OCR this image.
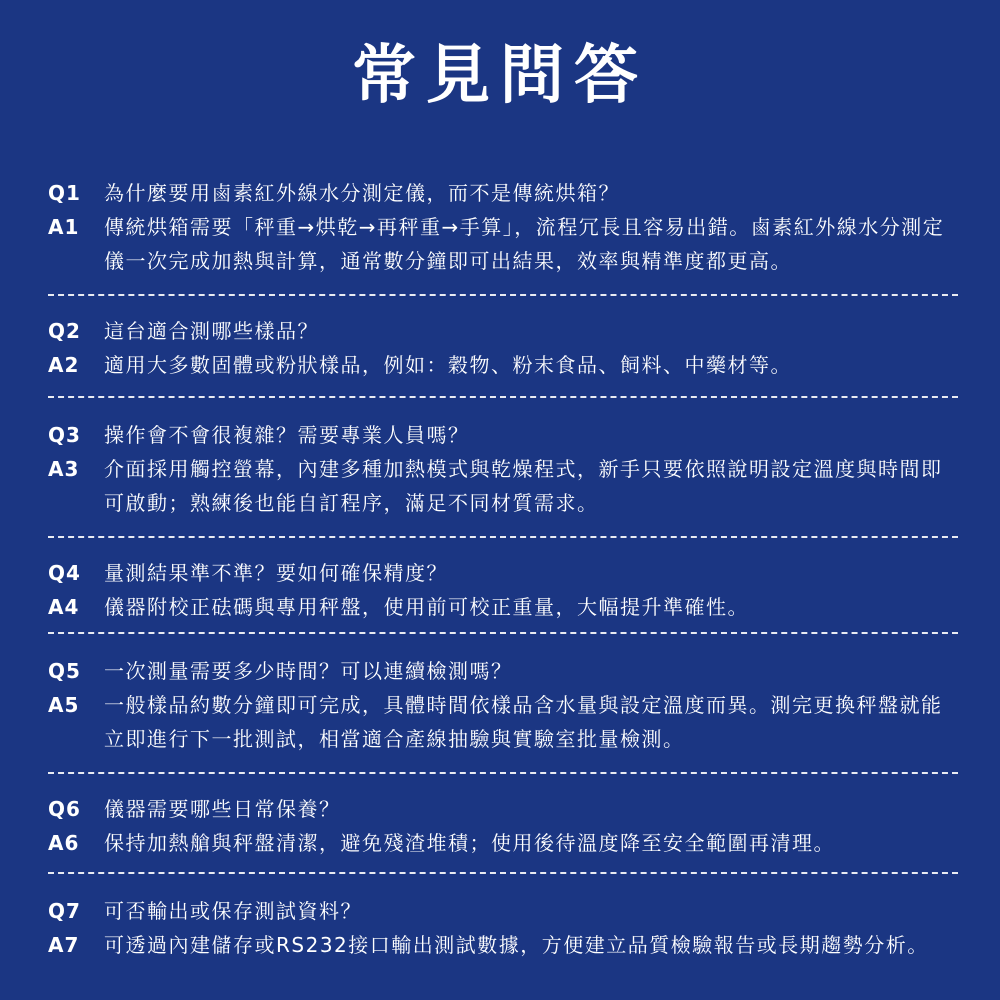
常見問答
Q1	為什麼要用鹵素紅外線水分測定儀，而不是傳統烘箱？
A1	傳統烘箱需要「秤重→烘乾→再秤重→手算」，流程冗長且容易出錯。鹵素紅外線水分測定儀一次完成加熱與計算，通常數分鐘即可出結果，效率與精準度都更高。
Q2	這台適合測哪些樣品？
A2	適用大多數固體或粉狀樣品，例如：穀物、粉末食品、飼料、中藥材等。
Q3	操作會不會很複雜？需要專業人員嗎？
A3	介面採用觸控螢幕，內建多種加熱模式與乾燥程式，新手只要依照說明設定溫度與時間即可啟動；熟練後也能自訂程序，滿足不同材質需求。
Q4	量測結果準不準？要如何確保精度？
A4	儀器附校正砝碼與專用秤盤，使用前可校正重量，大幅提升準確性。
Q5	一次測量需要多少時間？可以連續檢測嗎？
A5	一般樣品約數分鐘即可完成，具體時間依樣品含水量與設定溫度而異。測完更換秤盤就能立即進行下一批測試，相當適合產線抽驗與實驗室批量檢測。
Q6	儀器需要哪些日常保養？
A6	保持加熱艙與秤盤清潔，避免殘渣堆積；使用後待溫度降至安全範圍再清理。
Q7	可否輸出或保存測試資料？
A7	可透過內建儲存或RS232接口輸出測試數據，方便建立品質檢驗報告或長期趨勢分析。
